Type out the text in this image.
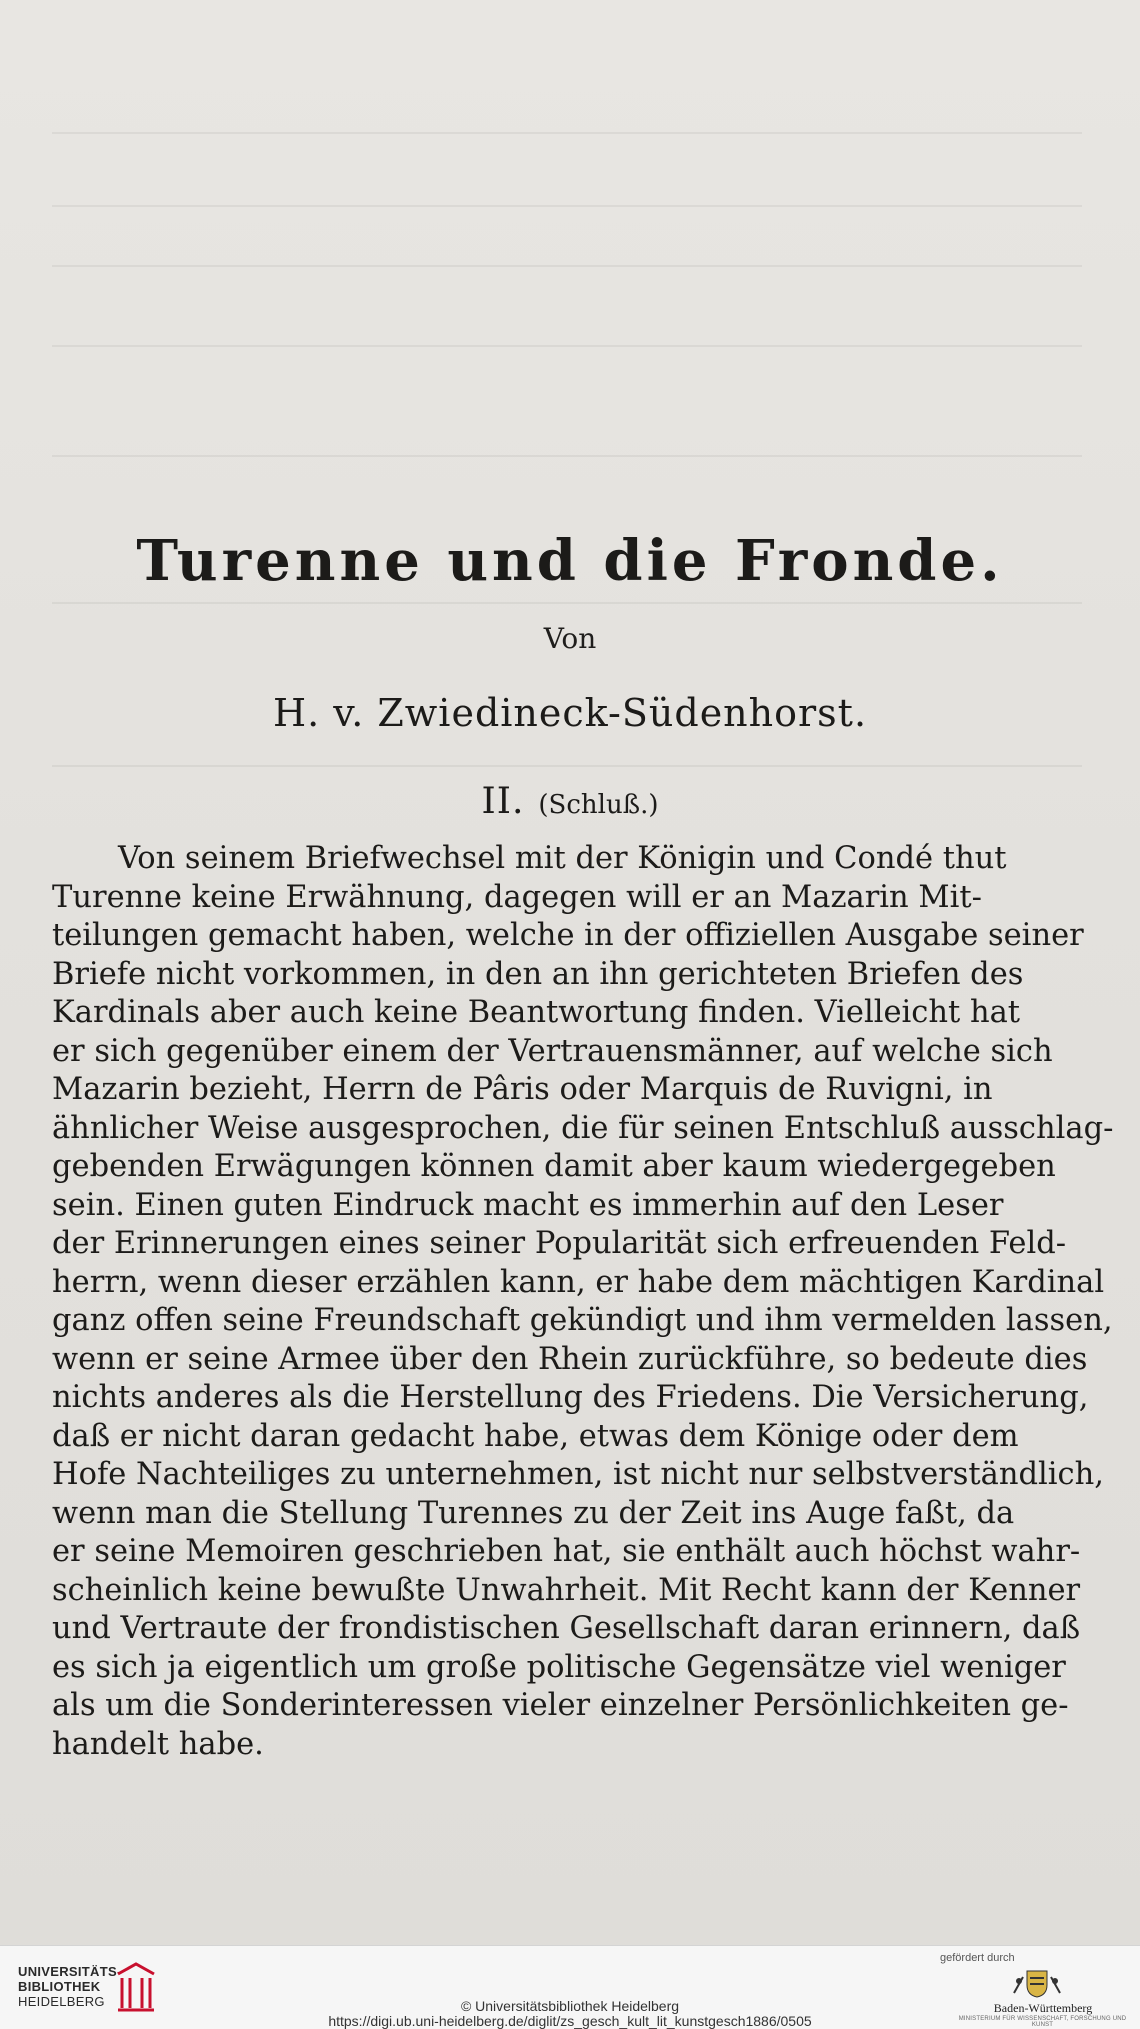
Turenne und die Fronde.
Von
H. v. Zwiedineck-Südenhorst.
II. (Schluß.)
Von seinem Briefwechsel mit der Königin und Condé thut
Turenne keine Erwähnung, dagegen will er an Mazarin Mit-
teilungen gemacht haben, welche in der offiziellen Ausgabe seiner
Briefe nicht vorkommen, in den an ihn gerichteten Briefen des
Kardinals aber auch keine Beantwortung finden. Vielleicht hat
er sich gegenüber einem der Vertrauensmänner, auf welche sich
Mazarin bezieht, Herrn de Pâris oder Marquis de Ruvigni, in
ähnlicher Weise ausgesprochen, die für seinen Entschluß ausschlag-
gebenden Erwägungen können damit aber kaum wiedergegeben
sein. Einen guten Eindruck macht es immerhin auf den Leser
der Erinnerungen eines seiner Popularität sich erfreuenden Feld-
herrn, wenn dieser erzählen kann, er habe dem mächtigen Kardinal
ganz offen seine Freundschaft gekündigt und ihm vermelden lassen,
wenn er seine Armee über den Rhein zurückführe, so bedeute dies
nichts anderes als die Herstellung des Friedens. Die Versicherung,
daß er nicht daran gedacht habe, etwas dem Könige oder dem
Hofe Nachteiliges zu unternehmen, ist nicht nur selbstverständlich,
wenn man die Stellung Turennes zu der Zeit ins Auge faßt, da
er seine Memoiren geschrieben hat, sie enthält auch höchst wahr-
scheinlich keine bewußte Unwahrheit. Mit Recht kann der Kenner
und Vertraute der frondistischen Gesellschaft daran erinnern, daß
es sich ja eigentlich um große politische Gegensätze viel weniger
als um die Sonderinteressen vieler einzelner Persönlichkeiten ge-
handelt habe.
UNIVERSITÄTS-
BIBLIOTHEK
HEIDELBERG	© Universitätsbibliothek Heidelberg
https://digi.ub.uni-heidelberg.de/diglit/zs_gesch_kult_lit_kunstgesch1886/0505
gefördert durch
Baden-Württemberg
MINISTERIUM FÜR WISSENSCHAFT, FORSCHUNG UND KUNST
